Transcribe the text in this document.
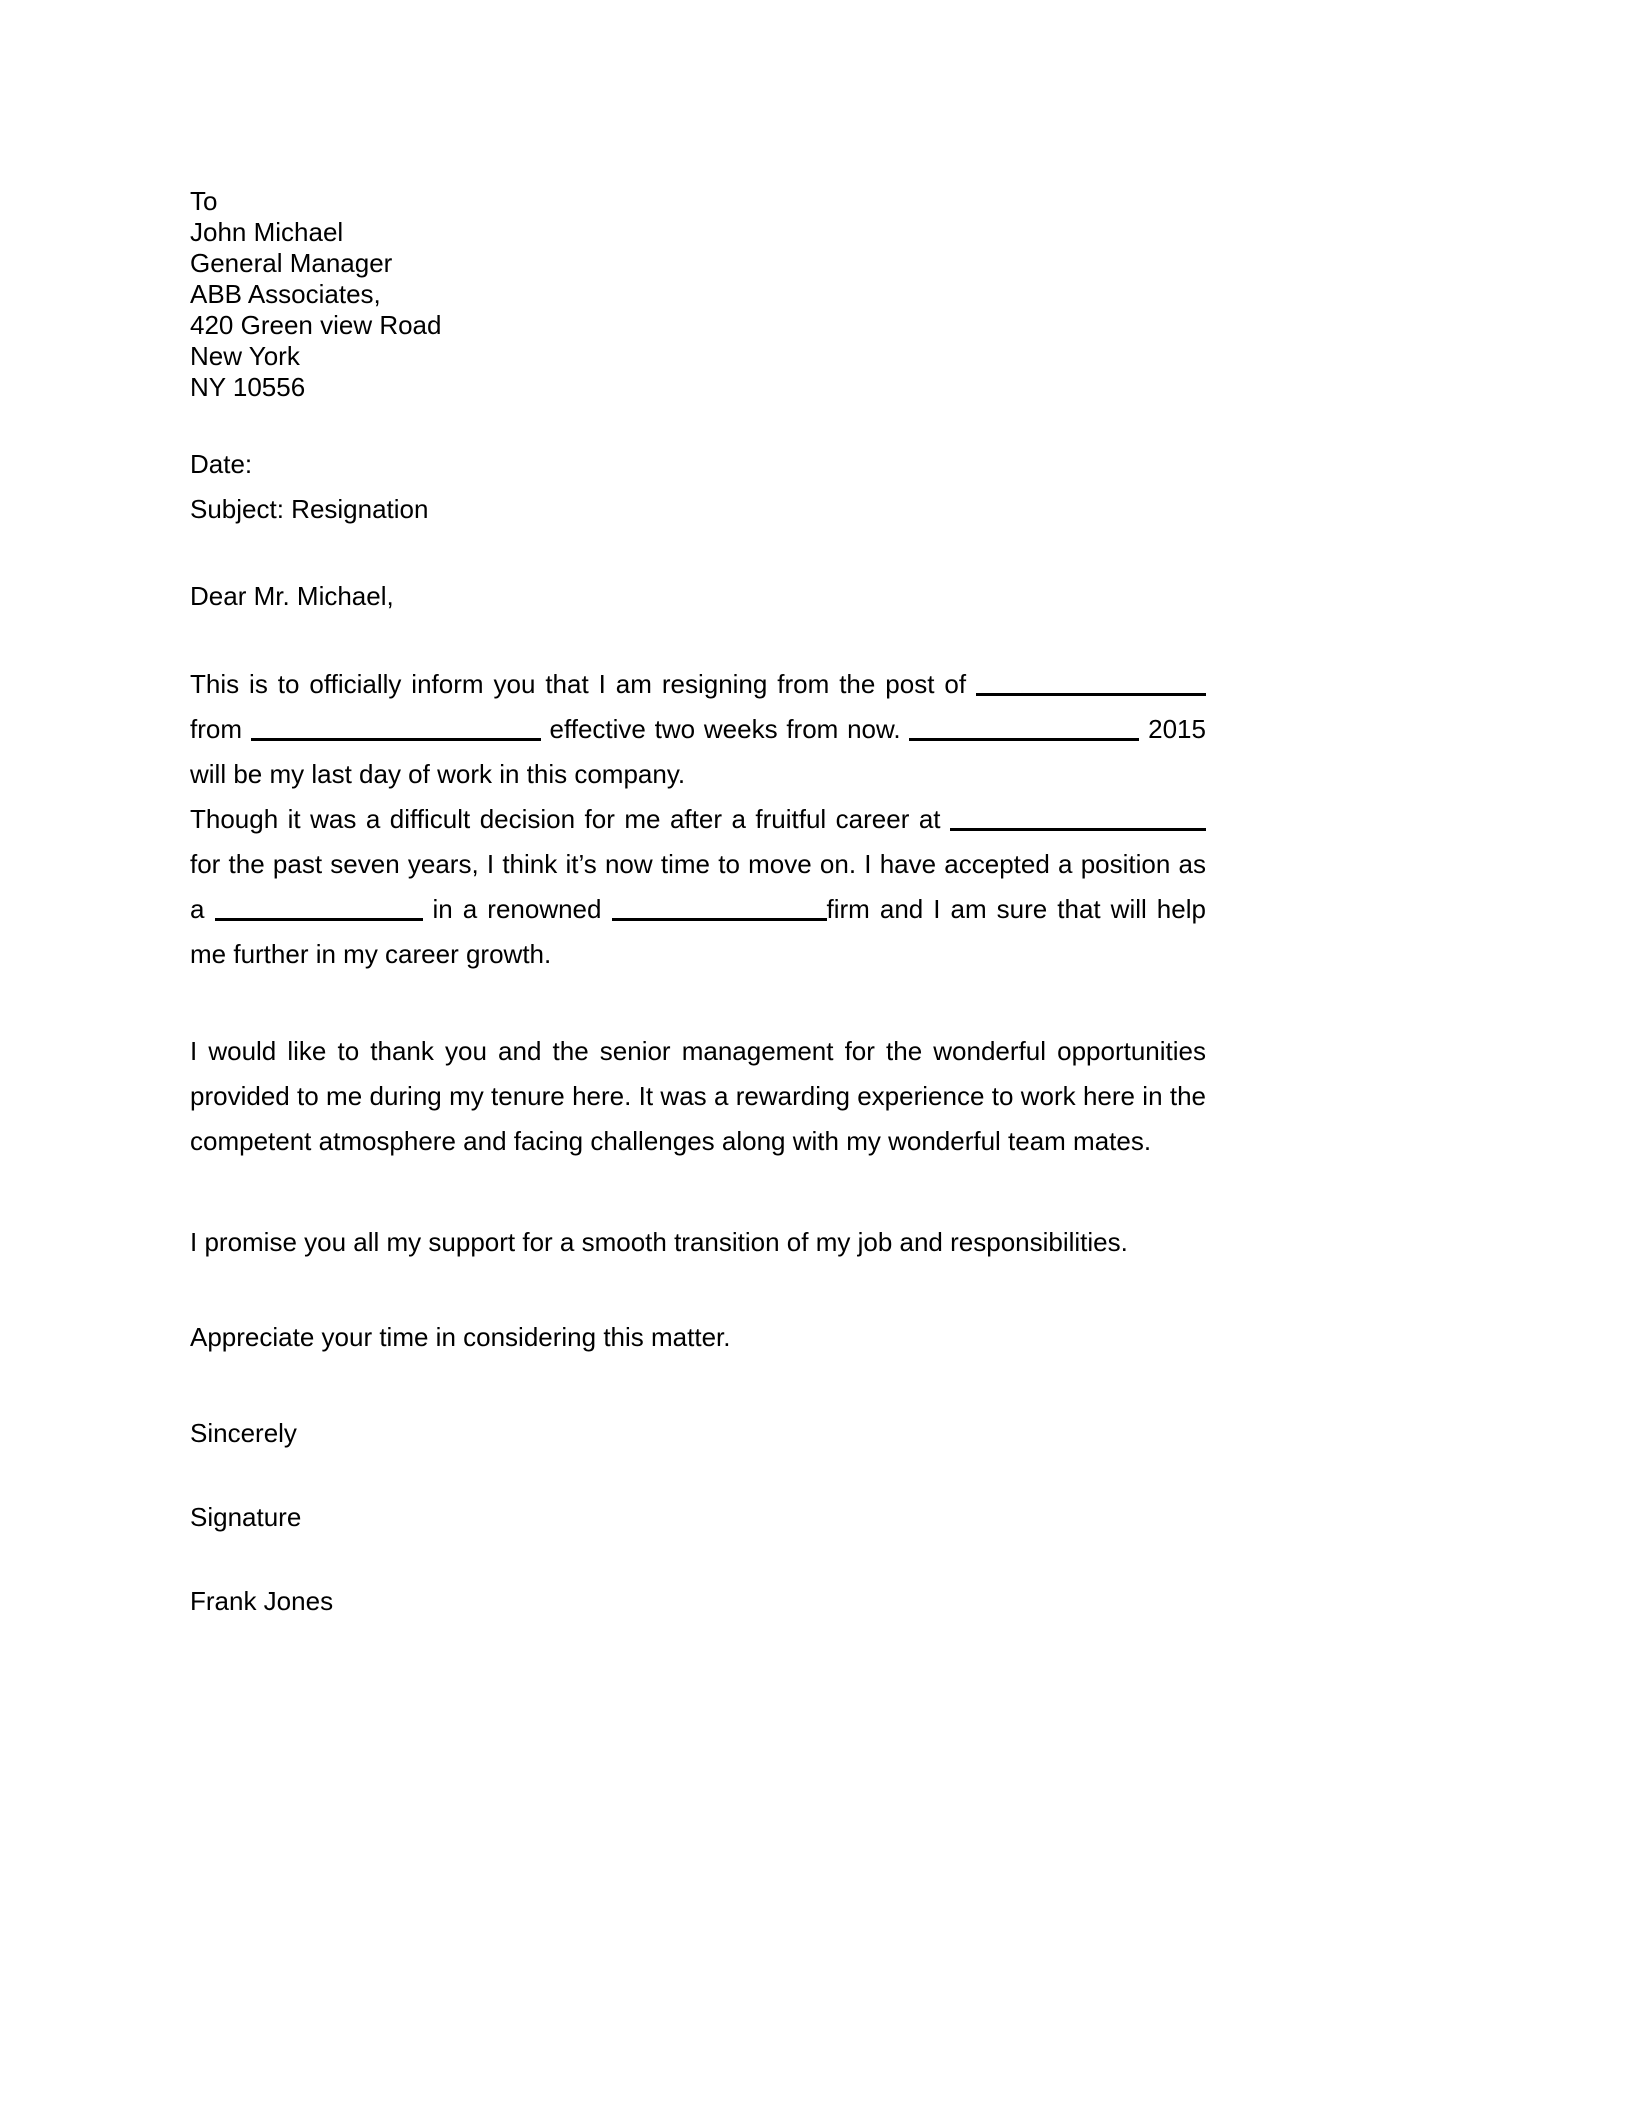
To
John Michael
General Manager
ABB Associates,
420 Green view Road
New York
NY 10556
Date:
Subject: Resignation
Dear Mr. Michael,
This is to officially inform you that I am resigning from the post of  from	effective two weeks from now.	2015 will be my last day of work in this company.
Though it was a difficult decision for me after a fruitful career at  for the past seven years, I think it’s now time to move on. I have accepted a position as a	in a renowned	firm and I am sure that will help me further in my career growth.
I would like to thank you and the senior management for the wonderful opportunities provided to me during my tenure here. It was a rewarding experience to work here in the competent atmosphere and facing challenges along with my wonderful team mates.
I promise you all my support for a smooth transition of my job and responsibilities.
Appreciate your time in considering this matter.
Sincerely
Signature
Frank Jones
